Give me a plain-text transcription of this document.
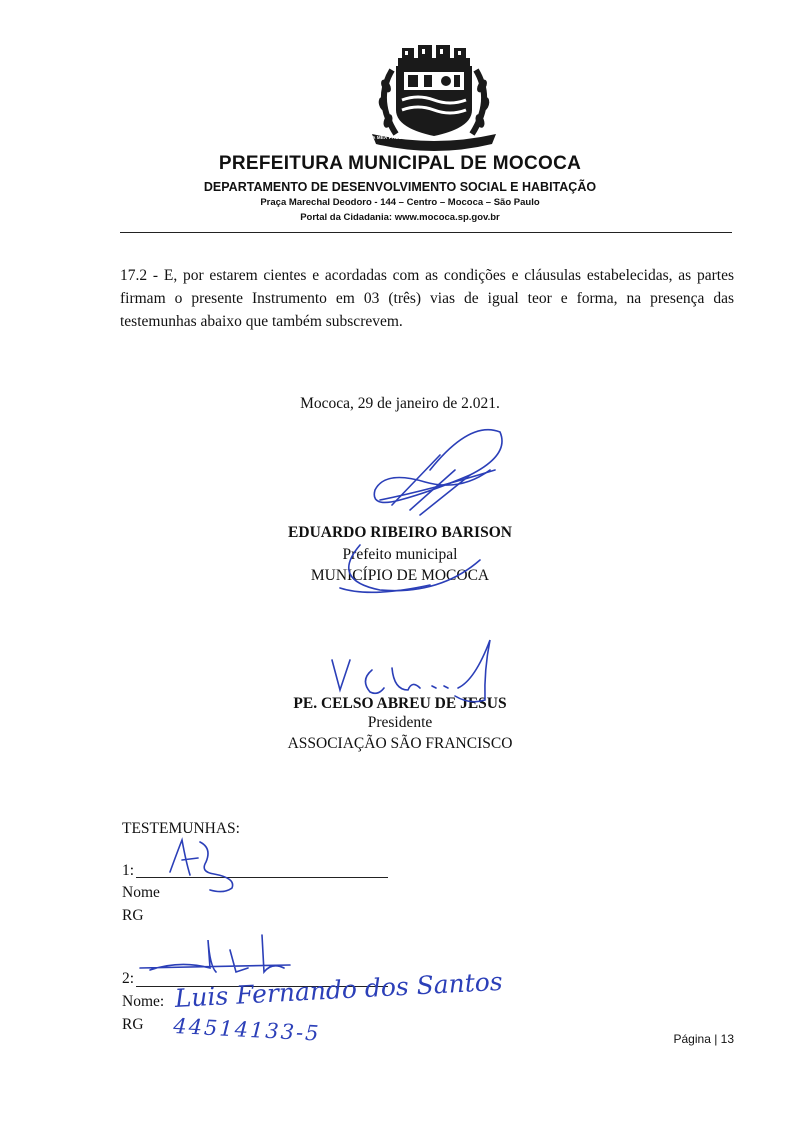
TERRA MEA PAULISTA GENEROSA
PREFEITURA MUNICIPAL DE MOCOCA
DEPARTAMENTO DE DESENVOLVIMENTO SOCIAL E HABITAÇÃO
Praça Marechal Deodoro - 144 – Centro – Mococa – São Paulo
Portal da Cidadania: www.mococa.sp.gov.br
17.2 - E, por estarem cientes e acordadas com as condições e cláusulas estabelecidas, as partes firmam o presente Instrumento em 03 (três) vias de igual teor e forma, na presença das testemunhas abaixo que também subscrevem.
Mococa, 29 de janeiro de 2.021.
EDUARDO RIBEIRO BARISON
Prefeito municipal
MUNICÍPIO DE MOCOCA
PE. CELSO ABREU DE JESUS
Presidente
ASSOCIAÇÃO SÃO FRANCISCO
TESTEMUNHAS:
1:
Nome
RG
2:
Nome:
RG
Luis Fernando dos Santos
44514133-5	Página | 13
